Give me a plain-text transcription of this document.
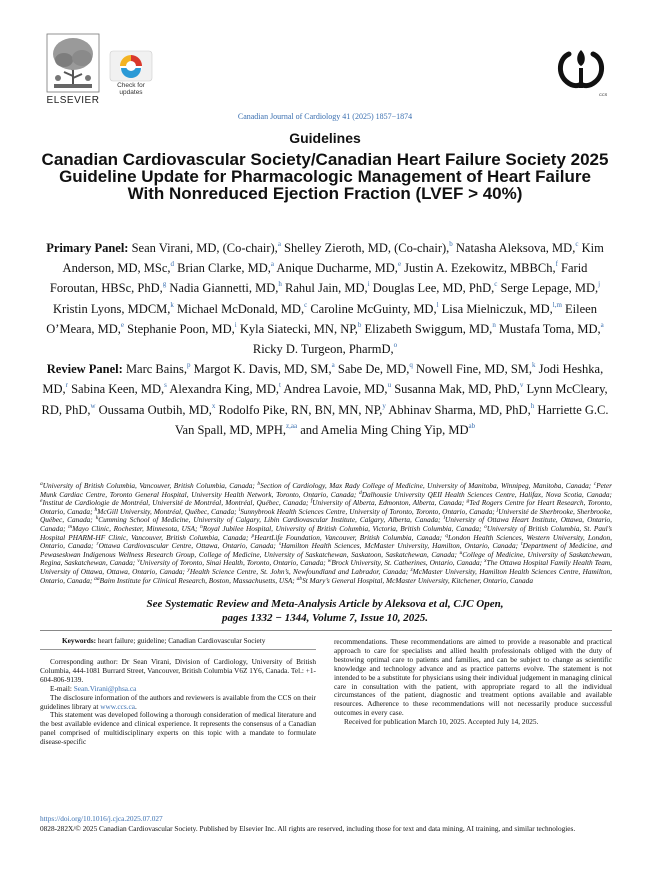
ELSEVIER
Check for updates	CCS
Canadian Journal of Cardiology 41 (2025) 1857−1874
Guidelines
Canadian Cardiovascular Society/Canadian Heart Failure Society 2025 Guideline Update for Pharmacologic Management of Heart Failure With Nonreduced Ejection Fraction (LVEF > 40%)
Primary Panel: Sean Virani, MD, (Co-chair),$^a$ Shelley Zieroth, MD, (Co-chair),$^b$ Natasha Aleksova, MD,$^c$ Kim Anderson, MD, MSc,$^d$ Brian Clarke, MD,$^a$ Anique Ducharme, MD,$^e$ Justin A. Ezekowitz, MBBCh,$^f$ Farid Foroutan, HBSc, PhD,$^g$ Nadia Giannetti, MD,$^h$ Rahul Jain, MD,$^i$ Douglas Lee, MD, PhD,$^c$ Serge Lepage, MD,$^j$ Kristin Lyons, MDCM,$^k$ Michael McDonald, MD,$^c$ Caroline McGuinty, MD,$^l$ Lisa Mielniczuk, MD,$^{l,m}$ Eileen O’Meara, MD,$^e$ Stephanie Poon, MD,$^i$ Kyla Siatecki, MN, NP,$^b$ Elizabeth Swiggum, MD,$^n$ Mustafa Toma, MD,$^a$ Ricky D. Turgeon, PharmD,$^o$
Review Panel: Marc Bains,$^p$ Margot K. Davis, MD, SM,$^a$ Sabe De, MD,$^q$ Nowell Fine, MD, SM,$^k$ Jodi Heshka, MD,$^r$ Sabina Keen, MD,$^s$ Alexandra King, MD,$^t$ Andrea Lavoie, MD,$^u$ Susanna Mak, MD, PhD,$^v$ Lynn McCleary, RD, PhD,$^w$ Oussama Outbih, MD,$^x$ Rodolfo Pike, RN, BN, MN, NP,$^y$ Abhinav Sharma, MD, PhD,$^h$ Harriette G.C. Van Spall, MD, MPH,$^{z,aa}$ and Amelia Ming Ching Yip, $MD^{ab}$
$^a$University of British Columbia, Vancouver, British Columbia, Canada; $^b$Section of Cardiology, Max Rady College of Medicine, University of Manitoba, Winnipeg, Manitoba, Canada; $^c$Peter Munk Cardiac Centre, Toronto General Hospital, University Health Network, Toronto, Ontario, Canada; $^d$Dalhousie University QEII Health Sciences Centre, Halifax, Nova Scotia, Canada; $^e$Institut de Cardiologie de Montréal, Université de Montréal, Montréal, Québec, Canada; $^f$University of Alberta, Edmonton, Alberta, Canada; $^g$Ted Rogers Centre for Heart Research, Toronto, Ontario, Canada; $^h$McGill University, Montréal, Québec, Canada; $^i$Sunnybrook Health Sciences Centre, University of Toronto, Toronto, Ontario, Canada; $^j$Université de Sherbrooke, Sherbrooke, Québec, Canada; $^k$Cumming School of Medicine, University of Calgary, Libin Cardiovascular Institute, Calgary, Alberta, Canada; $^l$University of Ottawa Heart Institute, Ottawa, Ontario, Canada; $^m$Mayo Clinic, Rochester, Minnesota, USA; $^n$Royal Jubilee Hospital, University of British Columbia, Victoria, British Columbia, Canada; $^o$University of British Columbia, St. Paul’s Hospital PHARM-HF Clinic, Vancouver, British Columbia, Canada; $^p$HeartLife Foundation, Vancouver, British Columbia, Canada; $^q$London Health Sciences, Western University, London, Ontario, Canada; $^r$Ottawa Cardiovascular Centre, Ottawa, Ontario, Canada; $^s$Hamilton Health Sciences, McMaster University, Hamilton, Ontario, Canada; $^t$Department of Medicine, and Pewaseskwan Indigenous Wellness Research Group, College of Medicine, University of Saskatchewan, Saskatoon, Saskatchewan, Canada; $^u$College of Medicine, University of Saskatchewan, Regina, Saskatchewan, Canada; $^v$University of Toronto, Sinai Health, Toronto, Ontario, Canada; $^w$Brock University, St. Catherines, Ontario, Canada; $^x$The Ottawa Hospital Family Health Team, University of Ottawa, Ottawa, Ontario, Canada; $^y$Health Science Centre, St. John’s, Newfoundland and Labrador, Canada; $^z$McMaster University, Hamilton Health Sciences Centre, Hamilton, Ontario, Canada; $^{aa}$Baim Institute for Clinical Research, Boston, Massachusetts, USA; $^{ab}$St Mary’s General Hospital, McMaster University, Kitchener, Ontario, Canada
See Systematic Review and Meta-Analysis Article by Aleksova et al, CJC Open,
pages 1332 − 1344, Volume 7, Issue 10, 2025.
Keywords: heart failure; guideline; Canadian Cardiovascular Society

Corresponding author: Dr Sean Virani, Division of Cardiology, University of British Columbia, 444-1081 Burrard Street, Vancouver, British Columbia V6Z 1Y6, Canada. Tel.: +1-604-806-9139.

E-mail: Sean.Virani@phsa.ca

The disclosure information of the authors and reviewers is available from the CCS on their guidelines library at www.ccs.ca.

This statement was developed following a thorough consideration of medical literature and the best available evidence and clinical experience. It represents the consensus of a Canadian panel comprised of multidisciplinary experts on this topic with a mandate to formulate disease-specific

recommendations. These recommendations are aimed to provide a reasonable and practical approach to care for specialists and allied health professionals obliged with the duty of bestowing optimal care to patients and families, and can be subject to change as scientific knowledge and technology advance and as practice patterns evolve. The statement is not intended to be a substitute for physicians using their individual judgement in managing clinical care in consultation with the patient, with appropriate regard to all the individual circumstances of the patient, diagnostic and treatment options available and available resources. Adherence to these recommendations will not necessarily produce successful outcomes in every case.

Received for publication March 10, 2025. Accepted July 14, 2025.

https://doi.org/10.1016/j.cjca.2025.07.027
0828-282X/© 2025 Canadian Cardiovascular Society. Published by Elsevier Inc. All rights are reserved, including those for text and data mining, AI training, and similar technologies.
